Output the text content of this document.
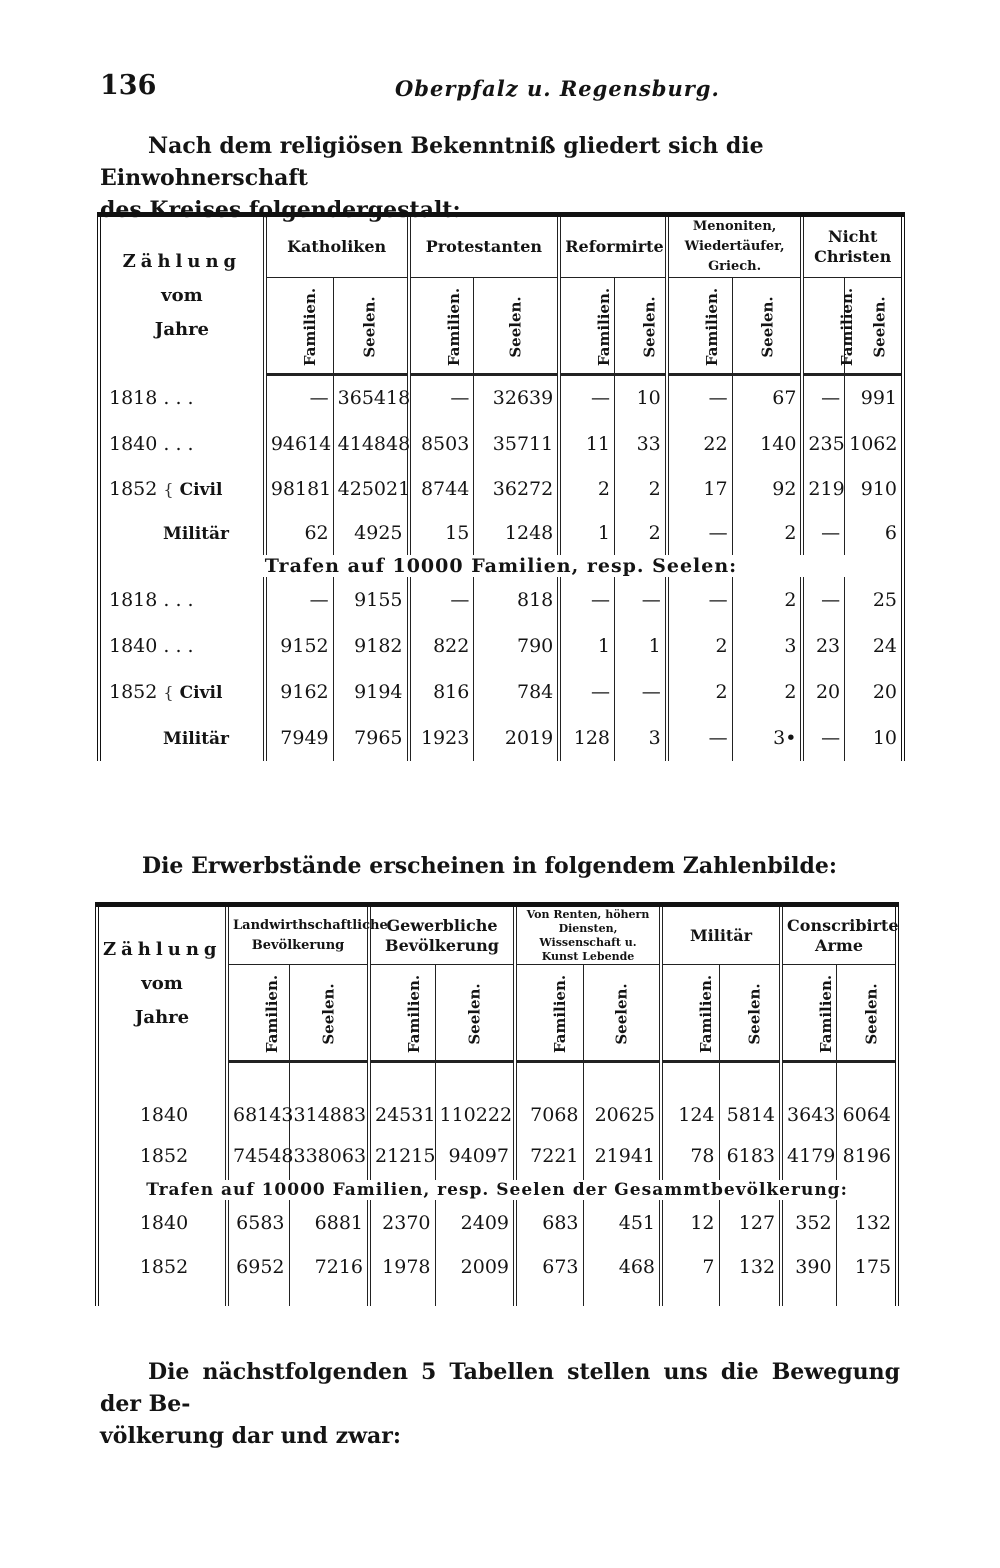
136	Oberpfalz u. Regensburg.
Nach dem religiösen Bekenntniß gliedert sich die Einwohnerschaft
des Kreises folgendergestalt:
Zählung
vom
Jahre	Katholiken		Protestanten		Reformirte		Menoniten, Wiedertäufer, Griech.		Nicht Christen	
	Familien.	Seelen.	Familien.	Seelen.	Familien.	Seelen.	Familien.	Seelen.	Familien.	Seelen.
1818 . . .	—	365418	—	32639	—	10	—	67	—	991
1840 . . .	94614	414848	8503	35711	11	33	22	140	235	1062
1852 { Civil	98181	425021	8744	36272	2	2	17	92	219	910
Militär	62	4925	15	1248	1	2	—	2	—	6
Trafen auf 10000 Familien, resp. Seelen:										
1818 . . .	—	9155	—	818	—	—	—	2	—	25
1840 . . .	9152	9182	822	790	1	1	2	3	23	24
1852 { Civil	9162	9194	816	784	—	—	2	2	20	20
Militär	7949	7965	1923	2019	128	3	—	3•	—	10
Die Erwerbstände erscheinen in folgendem Zahlenbilde:
Zählung
vom
Jahre	Landwirthschaftliche Bevölkerung		Gewerbliche Bevölkerung		Von Renten, höhern Diensten, Wissenschaft u. Kunst Lebende		Militär		Conscribirte Arme	
	Familien.	Seelen.	Familien.	Seelen.	Familien.	Seelen.	Familien.	Seelen.	Familien.	Seelen.
1840	68143	314883	24531	110222	7068	20625	124	5814	3643	6064
1852	74548	338063	21215	94097	7221	21941	78	6183	4179	8196
Trafen auf 10000 Familien, resp. Seelen der Gesammtbevölkerung:										
1840	6583	6881	2370	2409	683	451	12	127	352	132
1852	6952	7216	1978	2009	673	468	7	132	390	175
Die nächstfolgenden 5 Tabellen stellen uns die Bewegung der Be-
völkerung dar und zwar:
